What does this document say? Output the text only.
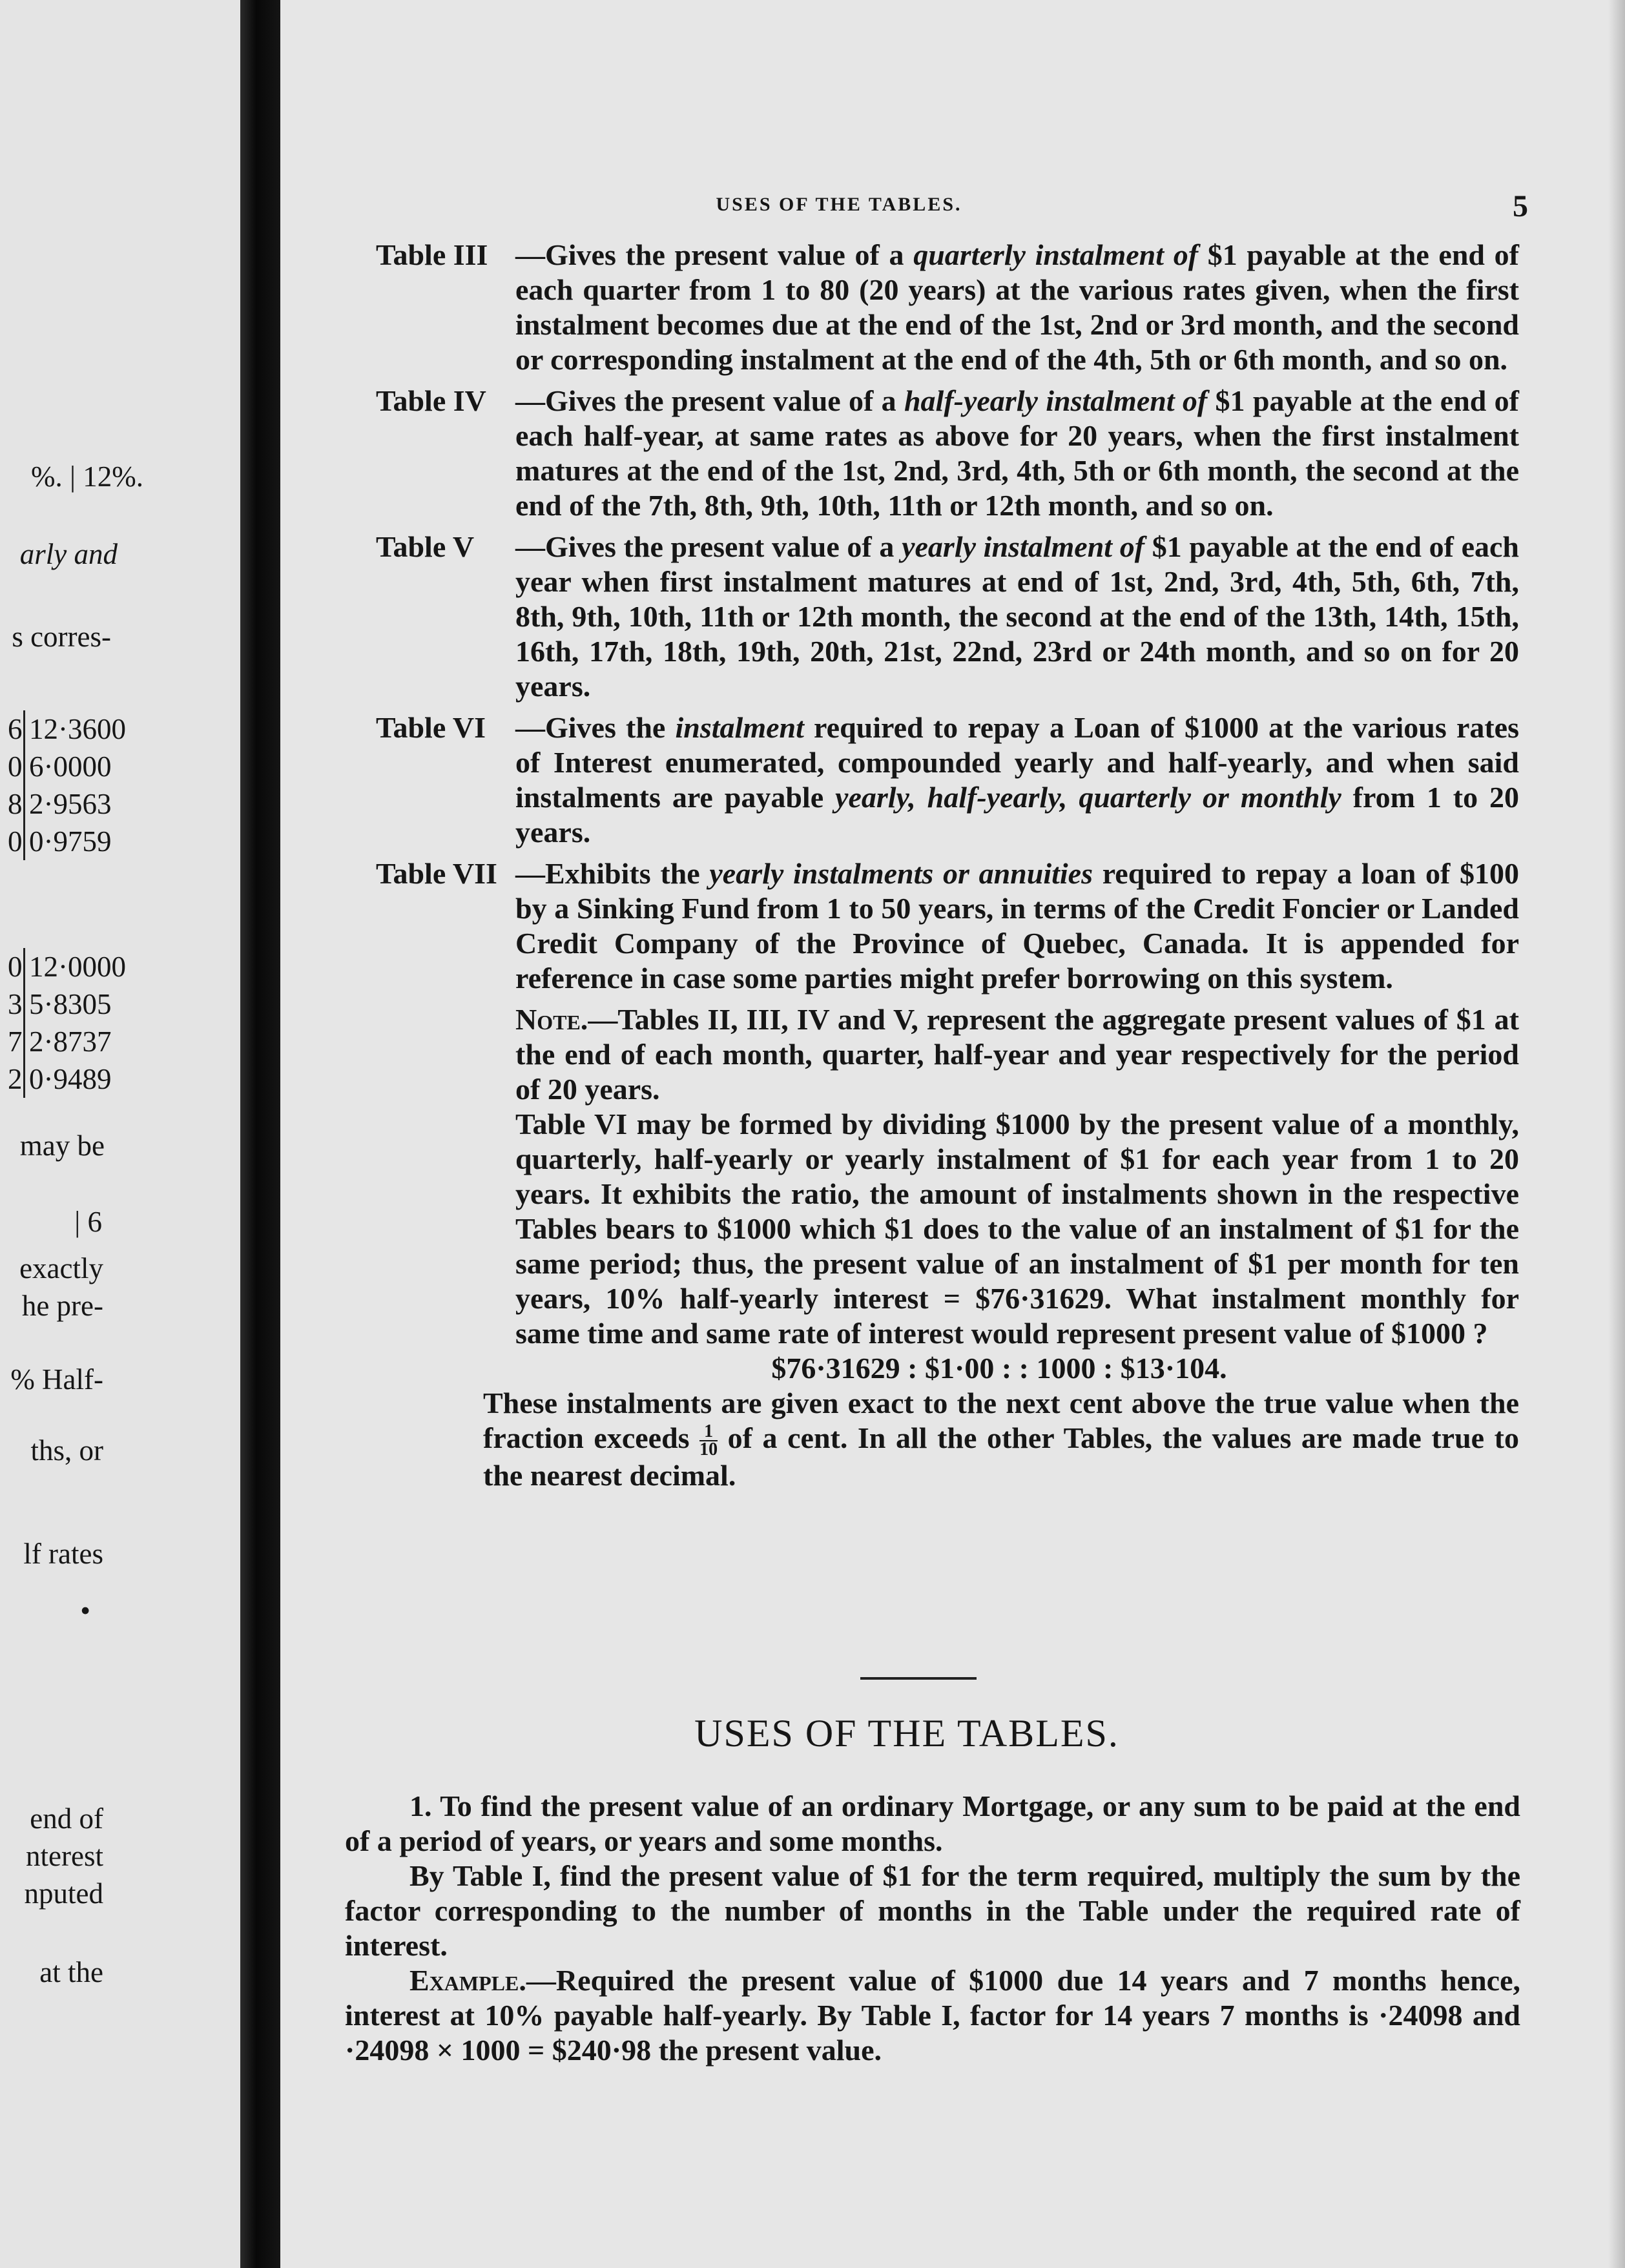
%. | 12%.
arly and
s corres-
6 12·3600
0 6·0000
8 2·9563
0 0·9759
0 12·0000
3 5·8305
7 2·8737
2 0·9489
may be
| 6
exactly
he pre-
% Half-
ths, or
lf rates
•
end of
nterest
nputed
at the
USES OF THE TABLES.	5
Table III —Gives the present value of a quarterly instalment of $1 payable at the end of each quarter from 1 to 80 (20 years) at the various rates given, when the first instalment becomes due at the end of the 1st, 2nd or 3rd month, and the second or corresponding instalment at the end of the 4th, 5th or 6th month, and so on.
Table IV —Gives the present value of a half-yearly instalment of $1 payable at the end of each half-year, at same rates as above for 20 years, when the first instalment matures at the end of the 1st, 2nd, 3rd, 4th, 5th or 6th month, the second at the end of the 7th, 8th, 9th, 10th, 11th or 12th month, and so on.
Table V —Gives the present value of a yearly instalment of $1 payable at the end of each year when first instalment matures at end of 1st, 2nd, 3rd, 4th, 5th, 6th, 7th, 8th, 9th, 10th, 11th or 12th month, the second at the end of the 13th, 14th, 15th, 16th, 17th, 18th, 19th, 20th, 21st, 22nd, 23rd or 24th month, and so on for 20 years.
Table VI —Gives the instalment required to repay a Loan of $1000 at the various rates of Interest enumerated, compounded yearly and half-yearly, and when said instalments are payable yearly, half-yearly, quarterly or monthly from 1 to 20 years.
Table VII —Exhibits the yearly instalments or annuities required to repay a loan of $100 by a Sinking Fund from 1 to 50 years, in terms of the Credit Foncier or Landed Credit Company of the Province of Quebec, Canada. It is appended for reference in case some parties might prefer borrowing on this system.
Note.—Tables II, III, IV and V, represent the aggregate present values of $1 at the end of each month, quarter, half-year and year respectively for the period of 20 years.
Table VI may be formed by dividing $1000 by the present value of a monthly, quarterly, half-yearly or yearly instalment of $1 for each year from 1 to 20 years. It exhibits the ratio, the amount of instalments shown in the respective Tables bears to $1000 which $1 does to the value of an instalment of $1 for the same period; thus, the present value of an instalment of $1 per month for ten years, 10% half-yearly interest = $76·31629. What instalment monthly for same time and same rate of interest would represent present value of $1000 ?
$76·31629 : $1·00 : : 1000 : $13·104.
These instalments are given exact to the next cent above the true value when the fraction exceeds $\frac{1}{10}$ of a cent. In all the other Tables, the values are made true to the nearest decimal.
USES OF THE TABLES.

1. To find the present value of an ordinary Mortgage, or any sum to be paid at the end of a period of years, or years and some months.

By Table I, find the present value of $1 for the term required, multiply the sum by the factor corresponding to the number of months in the Table under the required rate of interest.

Example.—Required the present value of $1000 due 14 years and 7 months hence, interest at 10% payable half-yearly. By Table I, factor for 14 years 7 months is ·24098 and ·24098 × 1000 = $240·98 the present value.
